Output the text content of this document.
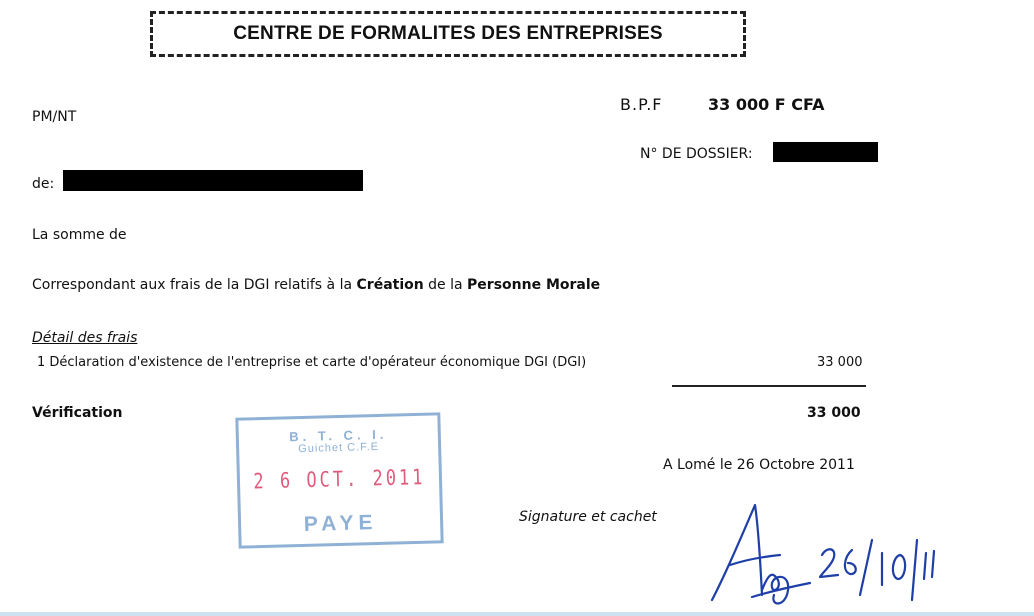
CENTRE DE FORMALITES DES ENTREPRISES
PM/NT
B.P.F	33 000 F CFA
N° DE DOSSIER:
de:
La somme de
Correspondant aux frais de la DGI relatifs à la Création de la Personne Morale
Détail des frais
1 Déclaration d'existence de l'entreprise et carte d'opérateur économique DGI (DGI)	33 000
Vérification	33 000
A Lomé le 26 Octobre 2011
Signature et cachet
B. T. C. I.
Guichet C.F.E
2 6 OCT. 2011
PAYE
